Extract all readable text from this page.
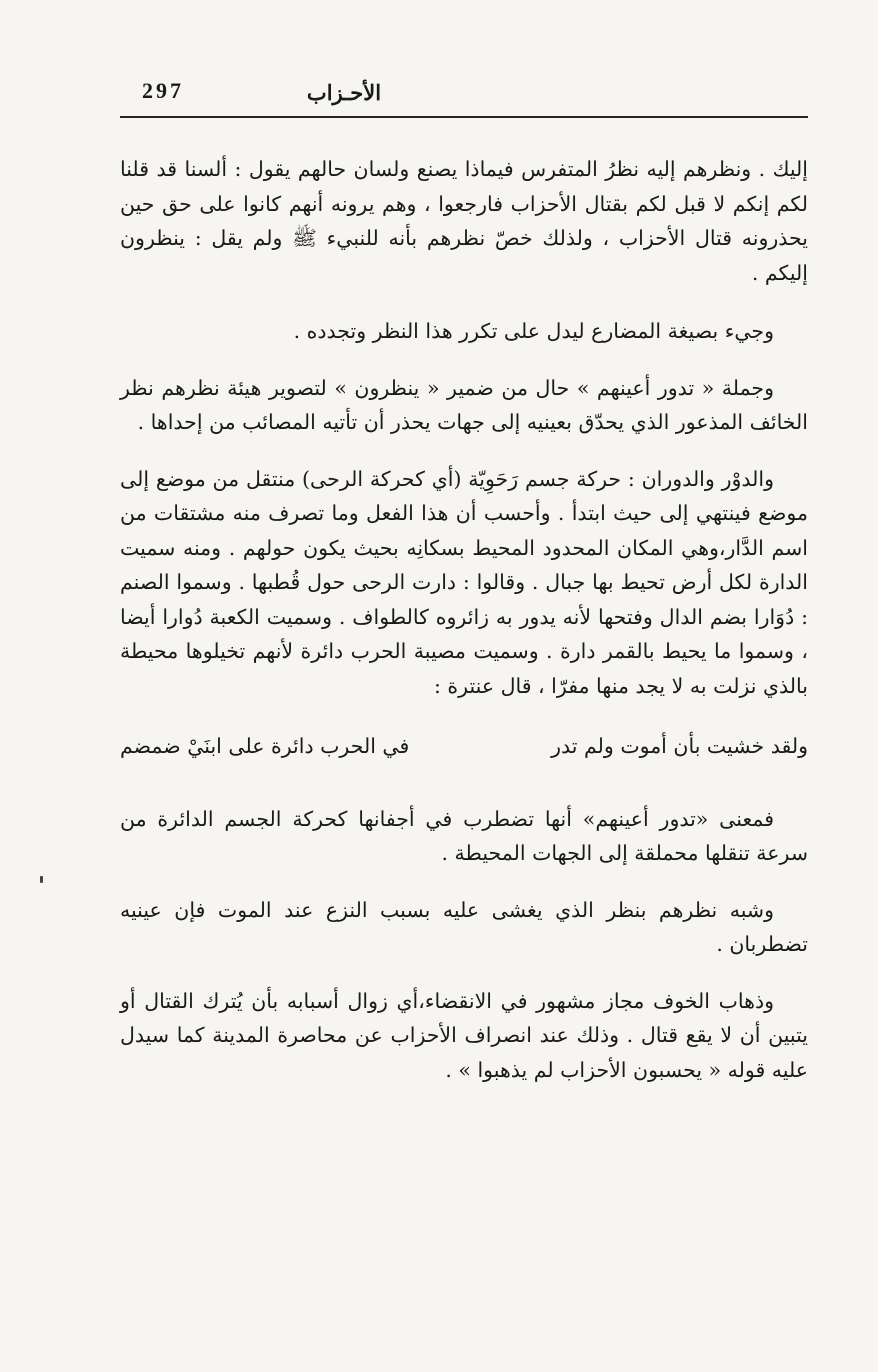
297	الأحـزاب

إليك . ونظرهم إليه نظرُ المتفرس فيماذا يصنع ولسان حالهم يقول : ألسنا قد قلنا لكم إنكم لا قبل لكم بقتال الأحزاب فارجعوا ، وهم يرونه أنهم كانوا على حق حين يحذرونه قتال الأحزاب ، ولذلك خصّ نظرهم بأنه للنبيء ﷺ ولم يقل : ينظرون إليكم .

وجيء بصيغة المضارع ليدل على تكرر هذا النظر وتجدده .

وجملة « تدور أعينهم » حال من ضمير « ينظرون » لتصوير هيئة نظرهم نظر الخائف المذعور الذي يحدّق بعينيه إلى جهات يحذر أن تأتيه المصائب من إحداها .

والدوْر والدوران : حركة جسم رَحَوِيّة (أي كحركة الرحى) منتقل من موضع إلى موضع فينتهي إلى حيث ابتدأ . وأحسب أن هذا الفعل وما تصرف منه مشتقات من اسم الدَّار،وهي المكان المحدود المحيط بسكانِه بحيث يكون حولهم . ومنه سميت الدارة لكل أرض تحيط بها جبال . وقالوا : دارت الرحى حول قُطبها . وسموا الصنم : دُوَارا بضم الدال وفتحها لأنه يدور به زائروه كالطواف . وسميت الكعبة دُوارا أيضا ، وسموا ما يحيط بالقمر دارة . وسميت مصيبة الحرب دائرة لأنهم تخيلوها محيطة بالذي نزلت به لا يجد منها مفرّا ، قال عنترة :

ولقد خشيت بأن أموت ولم تدر
في الحرب دائرة على ابنَيْ ضمضم

فمعنى «تدور أعينهم» أنها تضطرب في أجفانها كحركة الجسم الدائرة من سرعة تنقلها محملقة إلى الجهات المحيطة .

وشبه نظرهم بنظر الذي يغشى عليه بسبب النزع عند الموت فإن عينيه تضطربان .

وذهاب الخوف مجاز مشهور في الانقضاء،أي زوال أسبابه بأن يُترك القتال أو يتبين أن لا يقع قتال . وذلك عند انصراف الأحزاب عن محاصرة المدينة كما سيدل عليه قوله « يحسبون الأحزاب لم يذهبوا » .
